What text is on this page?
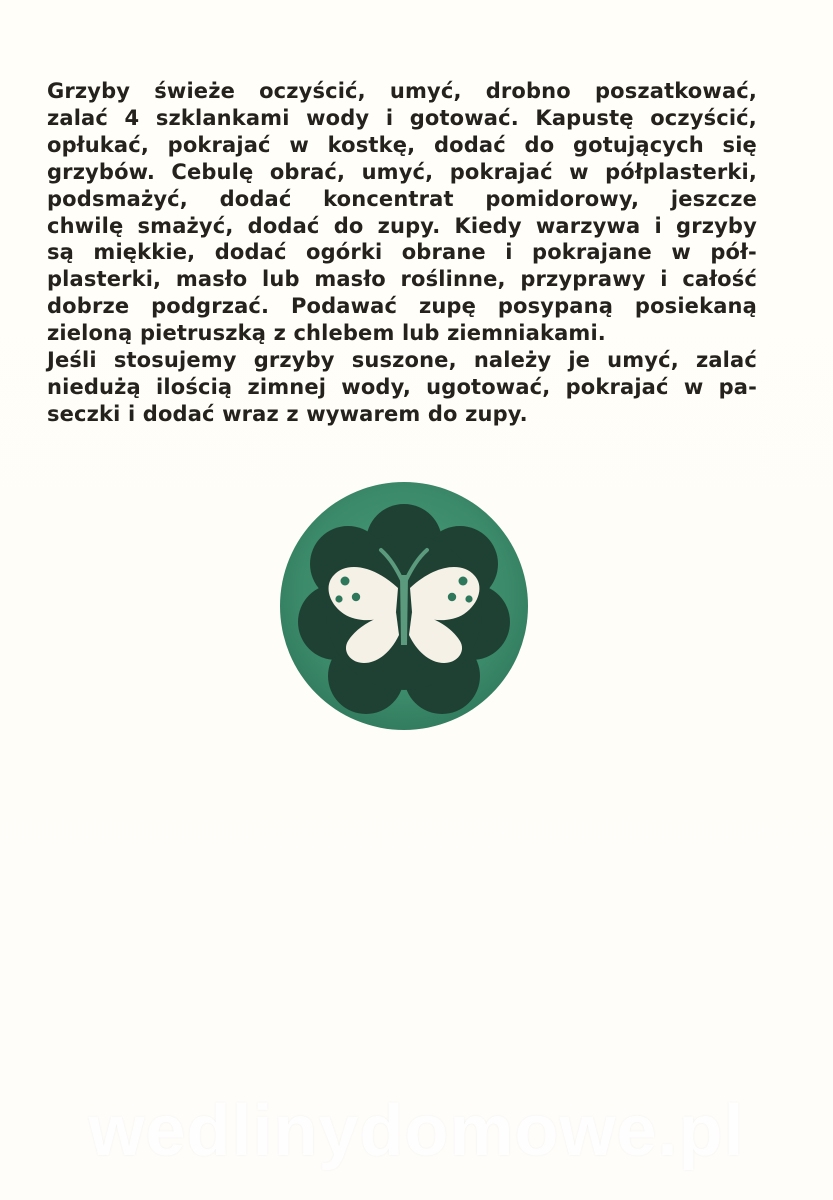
Grzyby świeże oczyścić, umyć, drobno poszatkować,
zalać 4 szklankami wody i gotować. Kapustę oczyścić,
opłukać, pokrajać w kostkę, dodać do gotujących się
grzybów. Cebulę obrać, umyć, pokrajać w półplasterki,
podsmażyć, dodać koncentrat pomidorowy, jeszcze
chwilę smażyć, dodać do zupy. Kiedy warzywa i grzyby
są miękkie, dodać ogórki obrane i pokrajane w pół-
plasterki, masło lub masło roślinne, przyprawy i całość
dobrze podgrzać. Podawać zupę posypaną posiekaną
zieloną
pietruszką
z
chlebem
lub
ziemniakami.
Jeśli stosujemy grzyby suszone, należy je umyć, zalać
niedużą ilością zimnej wody, ugotować, pokrajać w pa-
seczki
i
dodać
wraz
z
wywarem
do
zupy.
wedlinydomowe.pl
